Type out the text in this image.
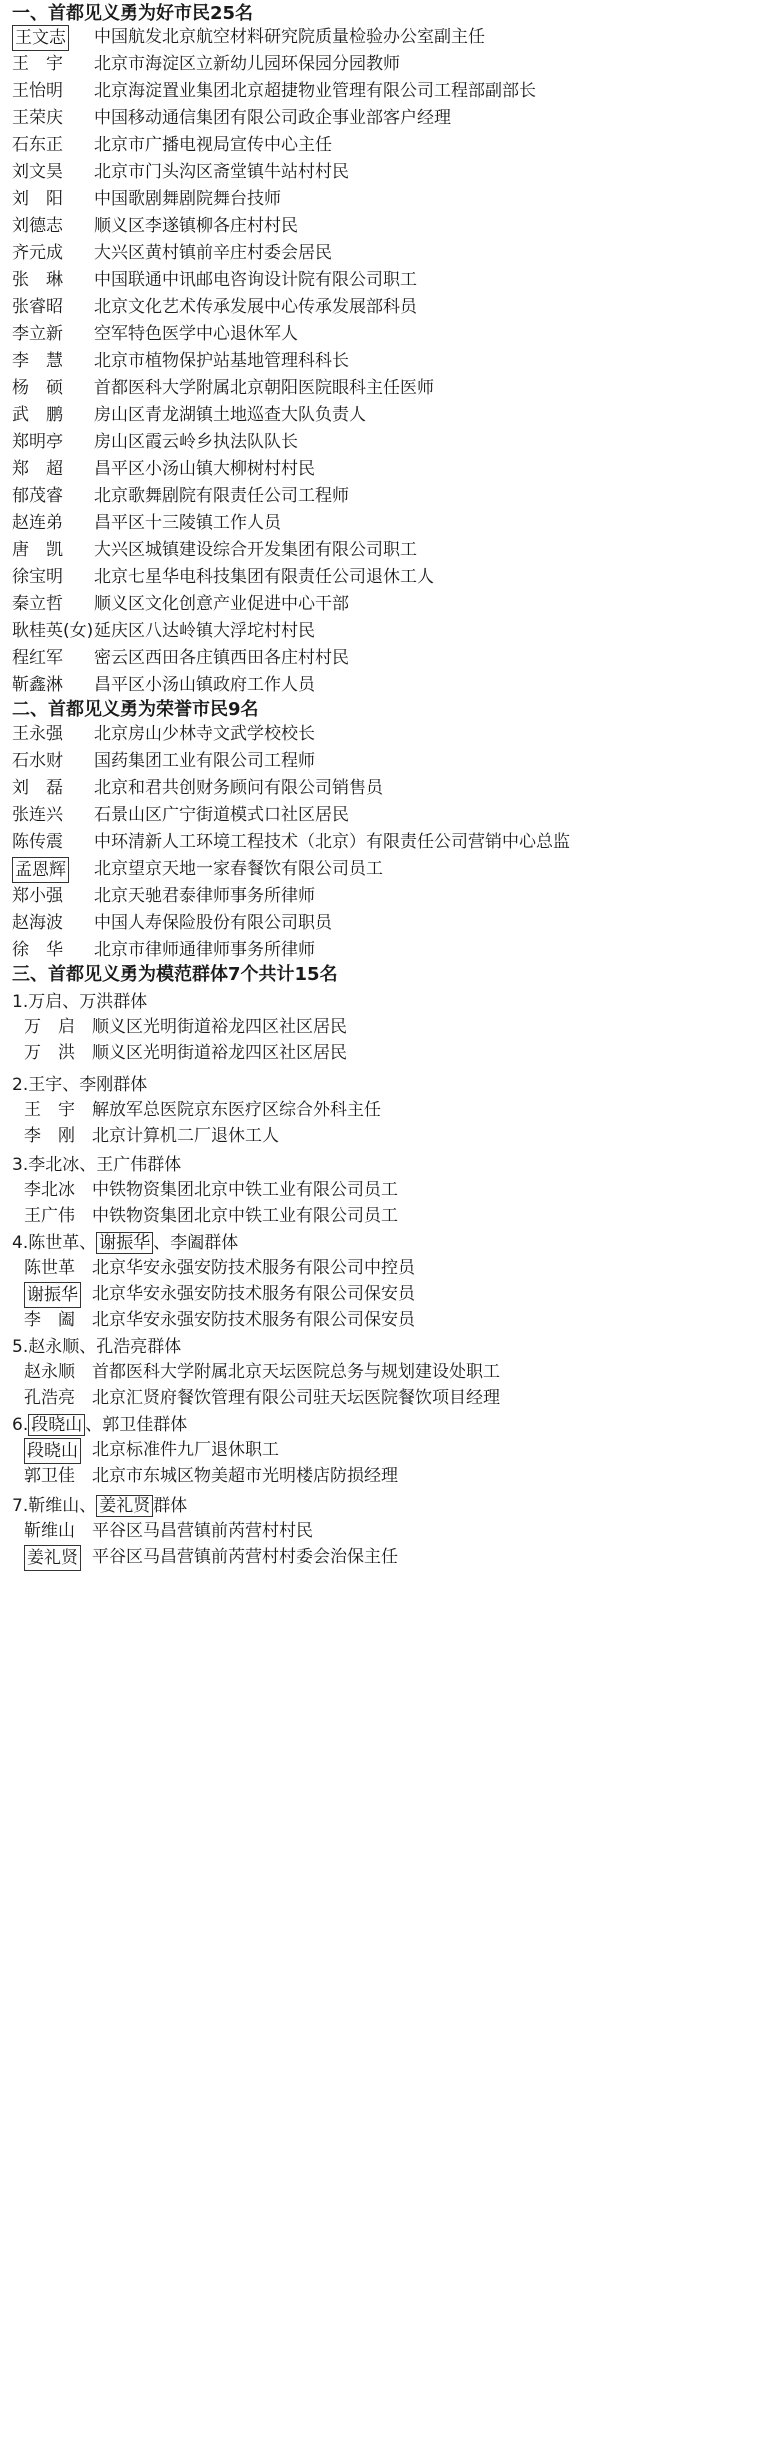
一、首都见义勇为好市民25名
王文志 中国航发北京航空材料研究院质量检验办公室副主任
王　宇 北京市海淀区立新幼儿园环保园分园教师
王怡明 北京海淀置业集团北京超捷物业管理有限公司工程部副部长
王荣庆 中国移动通信集团有限公司政企事业部客户经理
石东正 北京市广播电视局宣传中心主任
刘文昊 北京市门头沟区斋堂镇牛站村村民
刘　阳 中国歌剧舞剧院舞台技师
刘德志 顺义区李遂镇柳各庄村村民
齐元成 大兴区黄村镇前辛庄村委会居民
张　琳 中国联通中讯邮电咨询设计院有限公司职工
张睿昭 北京文化艺术传承发展中心传承发展部科员
李立新 空军特色医学中心退休军人
李　慧 北京市植物保护站基地管理科科长
杨　硕 首都医科大学附属北京朝阳医院眼科主任医师
武　鹏 房山区青龙湖镇土地巡查大队负责人
郑明亭 房山区霞云岭乡执法队队长
郑　超 昌平区小汤山镇大柳树村村民
郁茂睿 北京歌舞剧院有限责任公司工程师
赵连弟 昌平区十三陵镇工作人员
唐　凯 大兴区城镇建设综合开发集团有限公司职工
徐宝明 北京七星华电科技集团有限责任公司退休工人
秦立哲 顺义区文化创意产业促进中心干部
耿桂英(女) 延庆区八达岭镇大浮坨村村民
程红军 密云区西田各庄镇西田各庄村村民
靳鑫淋 昌平区小汤山镇政府工作人员
二、首都见义勇为荣誉市民9名
王永强 北京房山少林寺文武学校校长
石水财 国药集团工业有限公司工程师
刘　磊 北京和君共创财务顾问有限公司销售员
张连兴 石景山区广宁街道模式口社区居民
陈传震 中环清新人工环境工程技术（北京）有限责任公司营销中心总监
孟恩辉 北京望京天地一家春餐饮有限公司员工
郑小强 北京天驰君泰律师事务所律师
赵海波 中国人寿保险股份有限公司职员
徐　华 北京市律师通律师事务所律师
三、首都见义勇为模范群体7个共计15名
1.万启、万洪群体
万　启 顺义区光明街道裕龙四区社区居民
万　洪 顺义区光明街道裕龙四区社区居民
2.王宇、李刚群体
王　宇 解放军总医院京东医疗区综合外科主任
李　刚 北京计算机二厂退休工人
3.李北冰、王广伟群体
李北冰 中铁物资集团北京中铁工业有限公司员工
王广伟 中铁物资集团北京中铁工业有限公司员工
4.陈世革、 谢振华 、李阖群体
陈世革 北京华安永强安防技术服务有限公司中控员
谢振华 北京华安永强安防技术服务有限公司保安员
李　阖 北京华安永强安防技术服务有限公司保安员
5.赵永顺、孔浩亮群体
赵永顺 首都医科大学附属北京天坛医院总务与规划建设处职工
孔浩亮 北京汇贤府餐饮管理有限公司驻天坛医院餐饮项目经理
6. 段晓山 、郭卫佳群体
段晓山 北京标准件九厂退休职工
郭卫佳 北京市东城区物美超市光明楼店防损经理
7.靳维山、 姜礼贤 群体
靳维山 平谷区马昌营镇前芮营村村民
姜礼贤 平谷区马昌营镇前芮营村村委会治保主任
